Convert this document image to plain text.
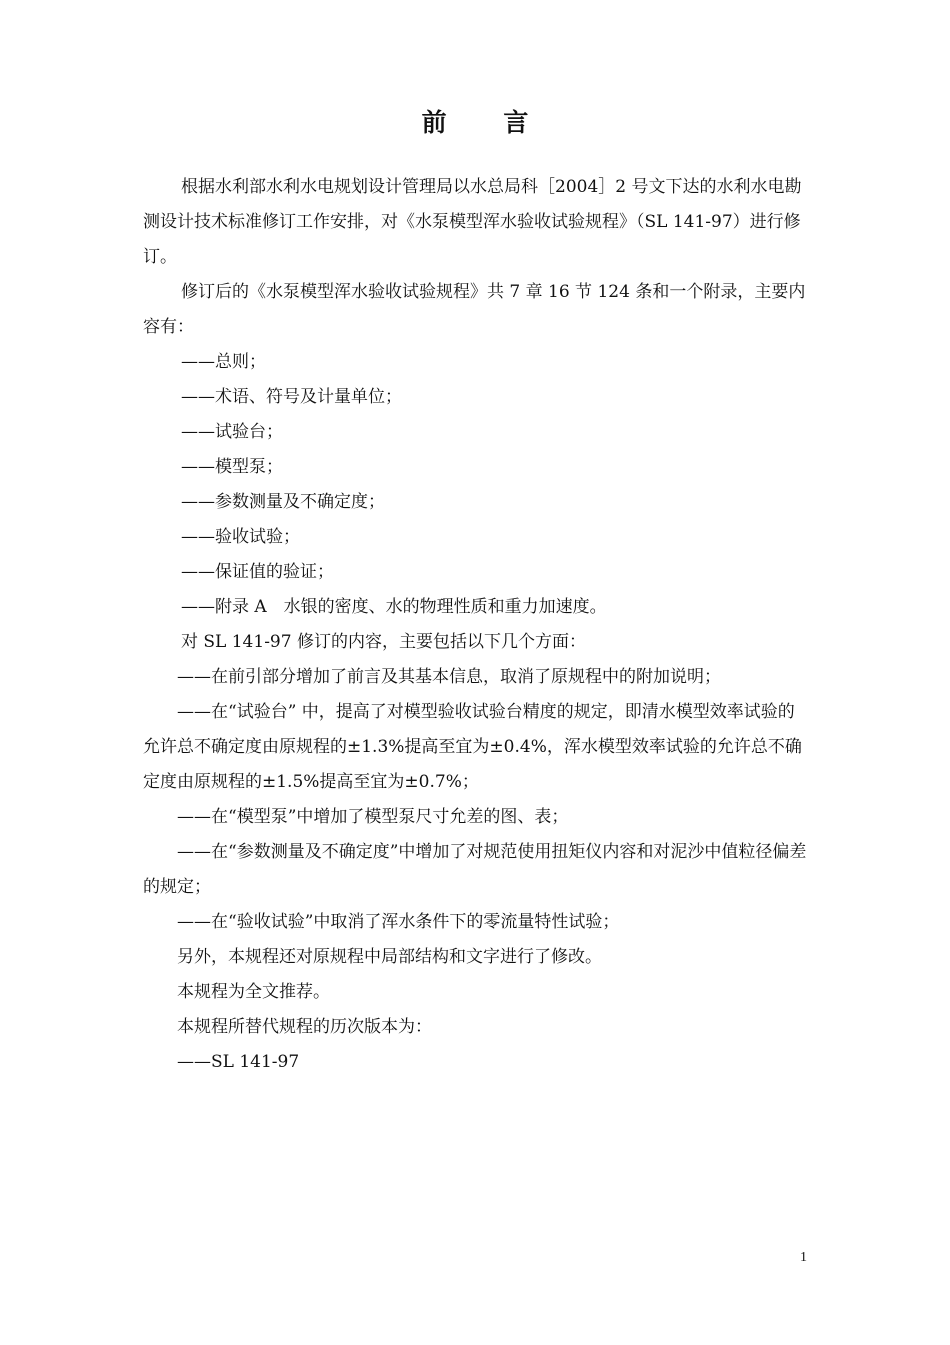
前 言

根据水利部水利水电规划设计管理局以水总局科［2004］2 号文下达的水利水电勘测设计技术标准修订工作安排，对《水泵模型浑水验收试验规程》（SL 141-97）进行修订。

修订后的《水泵模型浑水验收试验规程》共 7 章 16 节 124 条和一个附录，主要内容有：

——总则；

——术语、符号及计量单位；

——试验台；

——模型泵；

——参数测量及不确定度；

——验收试验；

——保证值的验证；

——附录 A　水银的密度、水的物理性质和重力加速度。

对 SL 141-97 修订的内容，主要包括以下几个方面：

——在前引部分增加了前言及其基本信息，取消了原规程中的附加说明；

——在“试验台” 中，提高了对模型验收试验台精度的规定，即清水模型效率试验的允许总不确定度由原规程的±1.3%提高至宜为±0.4%，浑水模型效率试验的允许总不确定度由原规程的±1.5%提高至宜为±0.7%；

——在“模型泵”中增加了模型泵尺寸允差的图、表；

——在“参数测量及不确定度”中增加了对规范使用扭矩仪内容和对泥沙中值粒径偏差的规定；

——在“验收试验”中取消了浑水条件下的零流量特性试验；

另外，本规程还对原规程中局部结构和文字进行了修改。

本规程为全文推荐。

本规程所替代规程的历次版本为：

——SL 141-97

1
